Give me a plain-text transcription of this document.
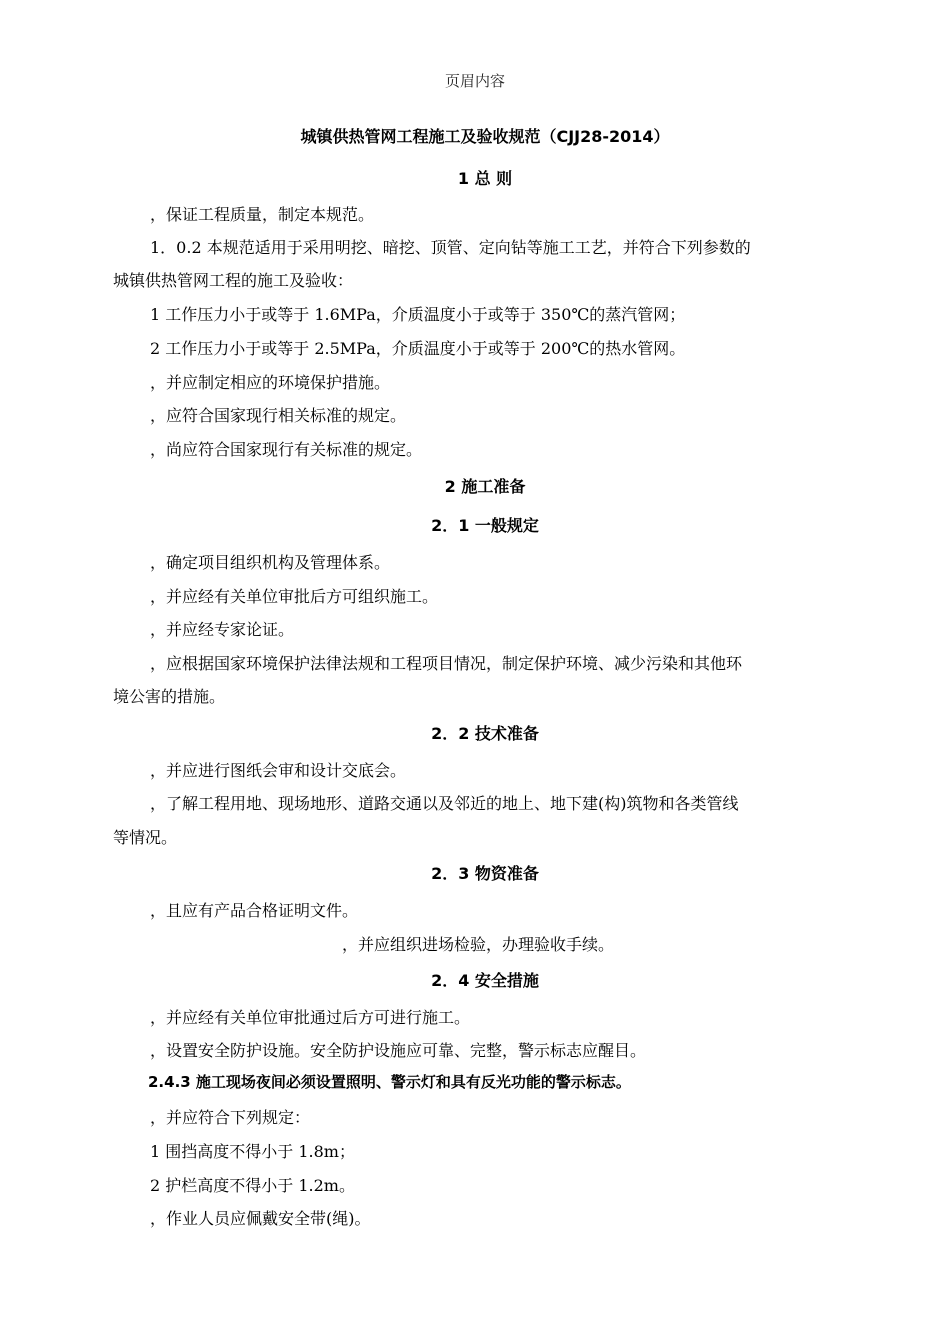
页眉内容
城镇供热管网工程施工及验收规范（CJJ28-2014）
1 总 则
，保证工程质量，制定本规范。
1．0.2 本规范适用于采用明挖、暗挖、顶管、定向钻等施工工艺，并符合下列参数的
城镇供热管网工程的施工及验收：
1 工作压力小于或等于 1.6MPa，介质温度小于或等于 350℃的蒸汽管网；
2 工作压力小于或等于 2.5MPa，介质温度小于或等于 200℃的热水管网。
，并应制定相应的环境保护措施。
，应符合国家现行相关标准的规定。
，尚应符合国家现行有关标准的规定。
2 施工准备
2．1 一般规定
，确定项目组织机构及管理体系。
，并应经有关单位审批后方可组织施工。
，并应经专家论证。
，应根据国家环境保护法律法规和工程项目情况，制定保护环境、减少污染和其他环
境公害的措施。
2．2 技术准备
，并应进行图纸会审和设计交底会。
，了解工程用地、现场地形、道路交通以及邻近的地上、地下建(构)筑物和各类管线
等情况。
2．3 物资准备
，且应有产品合格证明文件。
，并应组织进场检验，办理验收手续。
2．4 安全措施
，并应经有关单位审批通过后方可进行施工。
，设置安全防护设施。安全防护设施应可靠、完整，警示标志应醒目。
2.4.3 施工现场夜间必须设置照明、警示灯和具有反光功能的警示标志。
，并应符合下列规定：
1 围挡高度不得小于 1.8m；
2 护栏高度不得小于 1.2m。
，作业人员应佩戴安全带(绳)。
